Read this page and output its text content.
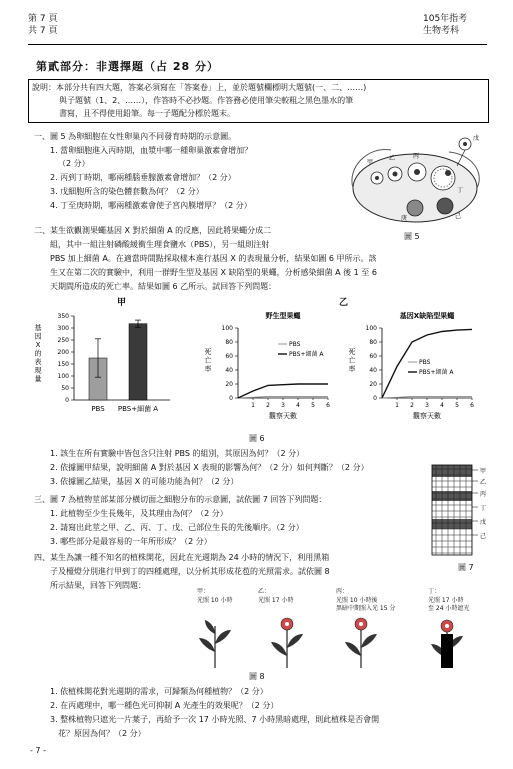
第 7 頁
共 7 頁
105年指考
生物考科
第貳部分：非選擇題（占 28 分）
說明：本部分共有四大題，答案必須寫在「答案卷」上，並於題號欄標明大題號(一、二、……)
與子題號（1、2、……），作答時不必抄題。作答務必使用筆尖較粗之黑色墨水的筆
書寫，且不得使用鉛筆。每一子題配分標於題末。
一、圖 5 為卵細胞在女性卵巢內不同發育時期的示意圖。
1. 當卵細胞進入丙時期，血漿中哪一種卵巢激素會增加？
（2 分）
2. 丙到丁時期，哪兩種腦垂腺激素會增加？（2 分）
3. 戊細胞所含的染色體套數為何？（2 分）
4. 丁至庚時期，哪兩種激素會使子宮內膜增厚？（2 分）
甲
乙	丙
丁
戊
己
庚
圖 5
二、某生欲觀測果蠅基因 X 對於細菌 A 的反應，因此將果蠅分成二
組，其中一組注射磷酸緩衝生理食鹽水（PBS），另一組則注射
PBS 加上細菌 A。在適當時間點採取樣本進行基因 X 的表現量分析，結果如圖 6 甲所示。該
生又在第二次的實驗中，利用一群野生型及基因 X 缺陷型的果蠅，分析感染細菌 A 後 1 至 6
天期間所造成的死亡率。結果如圖 6 乙所示。試回答下列問題：
甲	乙
0
50
100
150
200
250
300
350
基
因
X
的
表
現
量
PBS PBS+細菌 A
野生型果蠅
0
20
40
60
80
100
1 2 3 4 5 6
觀察天數
死
亡
率
PBS
PBS+細菌 A
基因X缺陷型果蠅
0
20
40
60
80
100
1 2 3 4 5 6
觀察天數
死
亡
率
PBS
PBS+細菌 A
圖 6
1. 該生在所有實驗中皆包含只注射 PBS 的組別，其原因為何？（2 分）
2. 依據圖甲結果，說明細菌 A 對於基因 X 表現的影響為何？（2 分）如何判斷？（2 分）
3. 依據圖乙結果，基因 X 的可能功能為何？（2 分）
三、圖 7 為植物莖部某部分橫切面之細胞分布的示意圖，試依圖 7 回答下列問題：
1. 此植物至少生長幾年，及其理由為何？（2 分）
2. 請寫出此莖之甲、乙、丙、丁、戊、己部位生長的先後順序。（2 分）
3. 哪些部分是最容易的一年所形成？（2 分）
甲
乙
丙
丁
戊
己
圖 7
四、某生為讓一種不知名的植株開花，因此在光週期為 24 小時的情況下，利用黑箱
子及檯燈分別進行甲到丁的四種處理，以分析其形成花苞的光照需求。試依圖 8
所示結果，回答下列問題：
甲：
光照 10 小時
乙：
光照 17 小時
丙：
光照 10 小時後
黑暗中期照入光 15 分
丁：
光照 17 小時
至 24 小時遮光
圖 8
1. 依植株開花對光週期的需求，可歸類為何種植物？（2 分）
2. 在丙處理中，哪一種色光可抑制 A 光產生的效果呢？（2 分）
3. 整株植物只遮光一片葉子，再給予一次 17 小時光照、7 小時黑暗處理，則此植株是否會開
花？原因為何？（2 分）
- 7 -
